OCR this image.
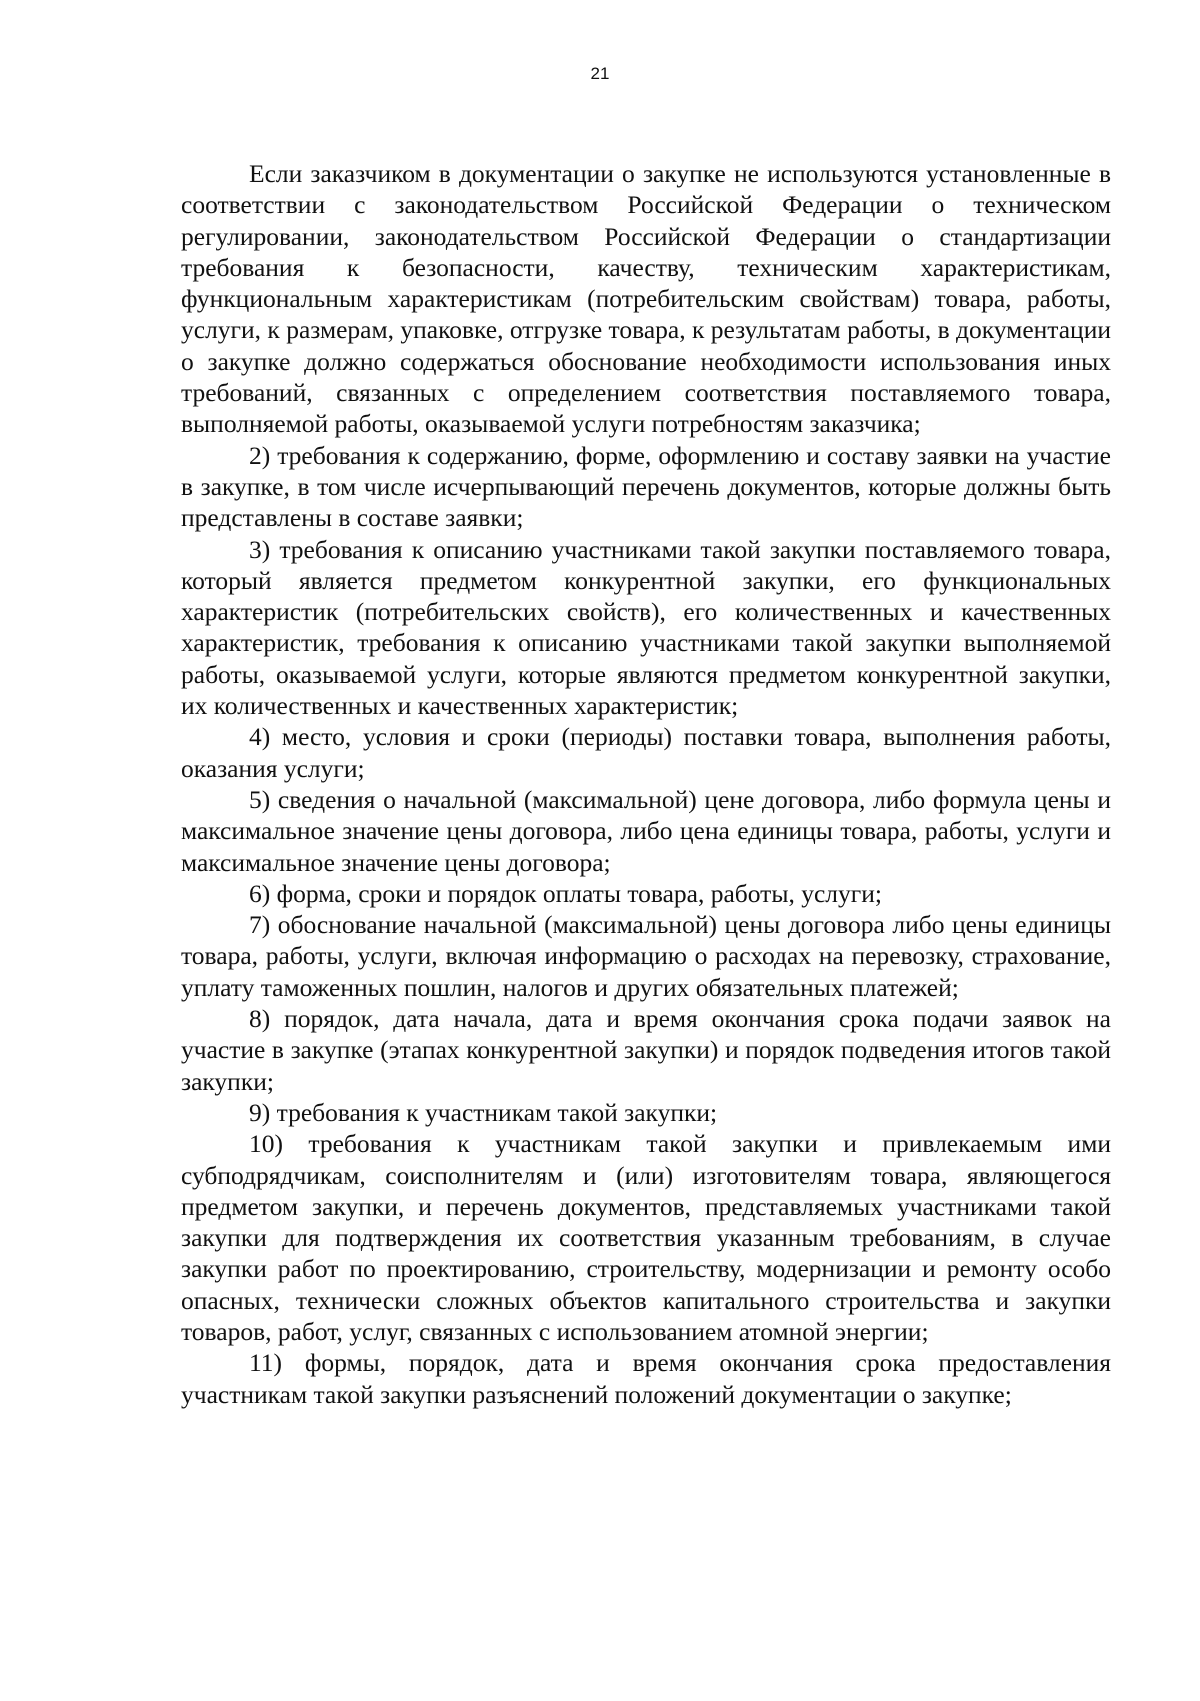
21

Если заказчиком в документации о закупке не используются установленные в соответствии с законодательством Российской Федерации о техническом регулировании, законодательством Российской Федерации о стандартизации требования к безопасности, качеству, техническим характеристикам, функциональным характеристикам (потребительским свойствам) товара, работы, услуги, к размерам, упаковке, отгрузке товара, к результатам работы, в документации о закупке должно содержаться обоснование необходимости использования иных требований, связанных с определением соответствия поставляемого товара, выполняемой работы, оказываемой услуги потребностям заказчика;

2) требования к содержанию, форме, оформлению и составу заявки на участие в закупке, в том числе исчерпывающий перечень документов, которые должны быть представлены в составе заявки;

3) требования к описанию участниками такой закупки поставляемого товара, который является предметом конкурентной закупки, его функциональных характеристик (потребительских свойств), его количественных и качественных характеристик, требования к описанию участниками такой закупки выполняемой работы, оказываемой услуги, которые являются предметом конкурентной закупки, их количественных и качественных характеристик;

4) место, условия и сроки (периоды) поставки товара, выполнения работы, оказания услуги;

5) сведения о начальной (максимальной) цене договора, либо формула цены и максимальное значение цены договора, либо цена единицы товара, работы, услуги и максимальное значение цены договора;

6) форма, сроки и порядок оплаты товара, работы, услуги;

7) обоснование начальной (максимальной) цены договора либо цены единицы товара, работы, услуги, включая информацию о расходах на перевозку, страхование, уплату таможенных пошлин, налогов и других обязательных платежей;

8) порядок, дата начала, дата и время окончания срока подачи заявок на участие в закупке (этапах конкурентной закупки) и порядок подведения итогов такой закупки;

9) требования к участникам такой закупки;

10) требования к участникам такой закупки и привлекаемым ими субподрядчикам, соисполнителям и (или) изготовителям товара, являющегося предметом закупки, и перечень документов, представляемых участниками такой закупки для подтверждения их соответствия указанным требованиям, в случае закупки работ по проектированию, строительству, модернизации и ремонту особо опасных, технически сложных объектов капитального строительства и закупки товаров, работ, услуг, связанных с использованием атомной энергии;

11) формы, порядок, дата и время окончания срока предоставления участникам такой закупки разъяснений положений документации о закупке;
